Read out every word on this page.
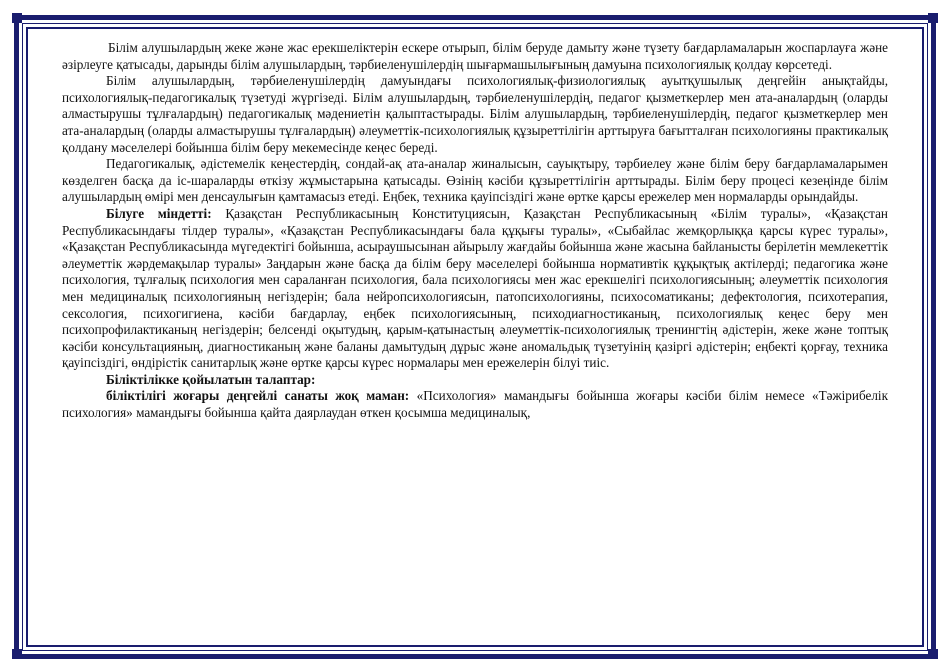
Білім алушылардың жеке және жас ерекшеліктерін ескере отырып, білім беруде дамыту және түзету бағдарламаларын жоспарлауға және әзірлеуге қатысады, дарынды білім алушылардың, тәрбиеленушілердің шығармашылығының дамуына психологиялық қолдау көрсетеді.

Білім алушылардың, тәрбиеленушілердің дамуындағы психологиялық-физиологиялық ауытқушылық деңгейін анықтайды, психологиялық-педагогикалық түзетуді жүргізеді. Білім алушылардың, тәрбиеленушілердің, педагог қызметкерлер мен ата-аналардың (оларды алмастырушы тұлғалардың) педагогикалық мәдениетін қалыптастырады. Білім алушылардың, тәрбиеленушілердің, педагог қызметкерлер мен ата-аналардың (оларды алмастырушы тұлғалардың) әлеуметтік-психологиялық құзыреттілігін арттыруға бағытталған психологияны практикалық қолдану мәселелері бойынша білім беру мекемесінде кеңес береді.

Педагогикалық, әдістемелік кеңестердің, сондай-ақ ата-аналар жиналысын, сауықтыру, тәрбиелеу және білім беру бағдарламаларымен көзделген басқа да іс-шараларды өткізу жұмыстарына қатысады. Өзінің кәсіби құзыреттілігін арттырады. Білім беру процесі кезеңінде білім алушылардың өмірі мен денсаулығын қамтамасыз етеді. Еңбек, техника қауіпсіздігі және өртке қарсы ережелер мен нормаларды орындайды.

Білуге міндетті: Қазақстан Республикасының Конституциясын, Қазақстан Республикасының «Білім туралы», «Қазақстан Республикасындағы тілдер туралы», «Қазақстан Республикасындағы бала құқығы туралы», «Сыбайлас жемқорлыққа қарсы күрес туралы», «Қазақстан Республикасында мүгедектігі бойынша, асыраушысынан айырылу жағдайы бойынша және жасына байланысты берілетін мемлекеттік әлеуметтік жәрдемақылар туралы» Заңдарын және басқа да білім беру мәселелері бойынша нормативтік құқықтық актілерді; педагогика және психология, тұлғалық психология мен сараланған психология, бала психологиясы мен жас ерекшелігі психологиясының; әлеуметтік психология мен медициналық психологияның негіздерін; бала нейропсихологиясын, патопсихологияны, психосоматиканы; дефектология, психотерапия, сексология, психогигиена, кәсіби бағдарлау, еңбек психологиясының, психодиагностиканың, психологиялық кеңес беру мен психопрофилактиканың негіздерін; белсенді оқытудың, қарым-қатынастың әлеуметтік-психологиялық тренингтің әдістерін, жеке және топтық кәсіби консультацияның, диагностиканың және баланы дамытудың дұрыс және аномальдық түзетуінің қазіргі әдістерін; еңбекті қорғау, техника қауіпсіздігі, өндірістік санитарлық және өртке қарсы күрес нормалары мен ережелерін білуі тиіс.

Біліктілікке қойылатын талаптар:

біліктілігі жоғары деңгейлі санаты жоқ маман: «Психология» мамандығы бойынша жоғары кәсіби білім немесе «Тәжірибелік психология» мамандығы бойынша қайта даярлаудан өткен қосымша медициналық,
